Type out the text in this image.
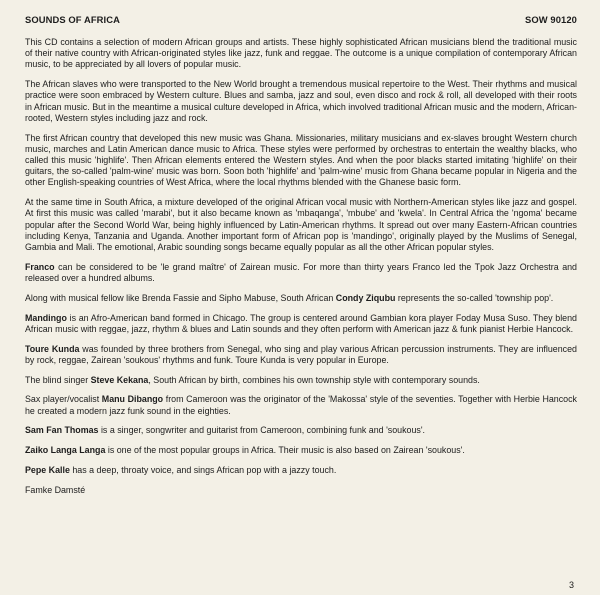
SOUNDS OF AFRICA	SOW 90120

This CD contains a selection of modern African groups and artists. These highly sophisticated African musicians blend the traditional music of their native country with African-originated styles like jazz, funk and reggae. The outcome is a unique compilation of contemporary African music, to be appreciated by all lovers of popular music.

The African slaves who were transported to the New World brought a tremendous musical repertoire to the West. Their rhythms and musical practice were soon embraced by Western culture. Blues and samba, jazz and soul, even disco and rock & roll, all developed with their roots in African music. But in the meantime a musical culture developed in Africa, which involved traditional African music and the modern, African-rooted, Western styles including jazz and rock.

The first African country that developed this new music was Ghana. Missionaries, military musicians and ex-slaves brought Western church music, marches and Latin American dance music to Africa. These styles were performed by orchestras to entertain the wealthy blacks, who called this music 'highlife'. Then African elements entered the Western styles. And when the poor blacks started imitating 'highlife' on their guitars, the so-called 'palm-wine' music was born. Soon both 'highlife' and 'palm-wine' music from Ghana became popular in Nigeria and the other English-speaking countries of West Africa, where the local rhythms blended with the Ghanese basic form.

At the same time in South Africa, a mixture developed of the original African vocal music with Northern-American styles like jazz and gospel. At first this music was called 'marabi', but it also became known as 'mbaqanga', 'mbube' and 'kwela'. In Central Africa the 'ngoma' became popular after the Second World War, being highly influenced by Latin-American rhythms. It spread out over many Eastern-African countries including Kenya, Tanzania and Uganda. Another important form of African pop is 'mandingo', originally played by the Muslims of Senegal, Gambia and Mali. The emotional, Arabic sounding songs became equally popular as all the other African popular styles.

Franco can be considered to be 'le grand maître' of Zairean music. For more than thirty years Franco led the Tpok Jazz Orchestra and released over a hundred albums.

Along with musical fellow like Brenda Fassie and Sipho Mabuse, South African Condy Ziqubu represents the so-called 'township pop'.

Mandingo is an Afro-American band formed in Chicago. The group is centered around Gambian kora player Foday Musa Suso. They blend African music with reggae, jazz, rhythm & blues and Latin sounds and they often perform with American jazz & funk pianist Herbie Hancock.

Toure Kunda was founded by three brothers from Senegal, who sing and play various African percussion instruments. They are influenced by rock, reggae, Zairean 'soukous' rhythms and funk. Toure Kunda is very popular in Europe.

The blind singer Steve Kekana, South African by birth, combines his own township style with contemporary sounds.

Sax player/vocalist Manu Dibango from Cameroon was the originator of the 'Makossa' style of the seventies. Together with Herbie Hancock he created a modern jazz funk sound in the eighties.

Sam Fan Thomas is a singer, songwriter and guitarist from Cameroon, combining funk and 'soukous'.

Zaiko Langa Langa is one of the most popular groups in Africa. Their music is also based on Zairean 'soukous'.

Pepe Kalle has a deep, throaty voice, and sings African pop with a jazzy touch.

Famke Damsté
3
